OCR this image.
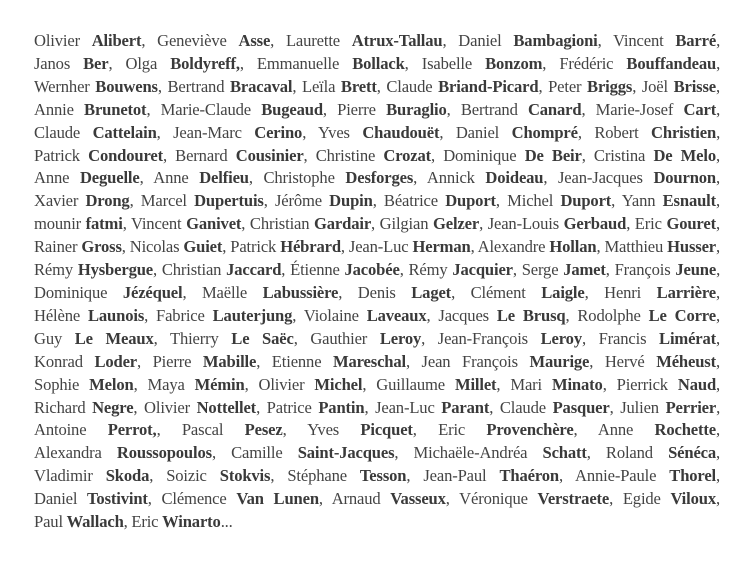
Olivier Alibert, Geneviève Asse, Laurette Atrux-Tallau, Daniel Bambagioni, Vincent Barré, Janos Ber, Olga Boldyreff,, Emmanuelle Bollack, Isabelle Bonzom, Frédéric Bouffandeau, Wernher Bouwens, Bertrand Bracaval, Leïla Brett, Claude Briand-Picard, Peter Briggs, Joël Brisse, Annie Brunetot, Marie-Claude Bugeaud, Pierre Buraglio, Bertrand Canard, Marie-Josef Cart, Claude Cattelain, Jean-Marc Cerino, Yves Chaudouët, Daniel Chompré, Robert Christien, Patrick Condouret, Bernard Cousinier, Christine Crozat, Dominique De Beir, Cristina De Melo, Anne Deguelle, Anne Delfieu, Christophe Desforges, Annick Doideau, Jean-Jacques Dournon, Xavier Drong, Marcel Dupertuis, Jérôme Dupin, Béatrice Duport, Michel Duport, Yann Esnault, mounir fatmi, Vincent Ganivet, Christian Gardair, Gilgian Gelzer, Jean-Louis Gerbaud, Eric Gouret, Rainer Gross, Nicolas Guiet, Patrick Hébrard, Jean-Luc Herman, Alexandre Hollan, Matthieu Husser, Rémy Hysbergue, Christian Jaccard, Étienne Jacobée, Rémy Jacquier, Serge Jamet, François Jeune, Dominique Jézéquel, Maëlle Labussière, Denis Laget, Clément Laigle, Henri Larrière, Hélène Launois, Fabrice Lauterjung, Violaine Laveaux, Jacques Le Brusq, Rodolphe Le Corre, Guy Le Meaux, Thierry Le Saëc, Gauthier Leroy, Jean-François Leroy, Francis Limérat, Konrad Loder, Pierre Mabille, Etienne Mareschal, Jean François Maurige, Hervé Méheust, Sophie Melon, Maya Mémin, Olivier Michel, Guillaume Millet, Mari Minato, Pierrick Naud, Richard Negre, Olivier Nottellet, Patrice Pantin, Jean-Luc Parant, Claude Pasquer, Julien Perrier, Antoine Perrot,, Pascal Pesez, Yves Picquet, Eric Provenchère, Anne Rochette, Alexandra Roussopoulos, Camille Saint-Jacques, Michaële-Andréa Schatt, Roland Sénéca, Vladimir Skoda, Soizic Stokvis, Stéphane Tesson, Jean-Paul Thaéron, Annie-Paule Thorel, Daniel Tostivint, Clémence Van Lunen, Arnaud Vasseux, Véronique Verstraete, Egide Viloux, Paul Wallach, Eric Winarto...
